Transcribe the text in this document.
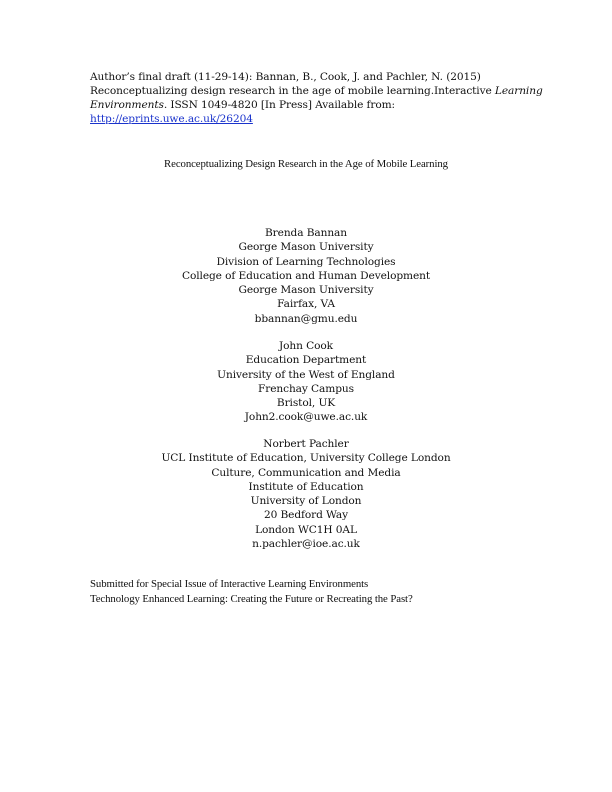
Author’s final draft (11-29-14): Bannan, B., Cook, J. and Pachler, N. (2015)
Reconceptualizing design research in the age of mobile learning.Interactive Learning
Environments. ISSN 1049-4820 [In Press] Available from:
http://eprints.uwe.ac.uk/26204
Reconceptualizing Design Research in the Age of Mobile Learning
Brenda Bannan
George Mason University
Division of Learning Technologies
College of Education and Human Development
George Mason University
Fairfax, VA
bbannan@gmu.edu
John Cook
Education Department
University of the West of England
Frenchay Campus
Bristol, UK
John2.cook@uwe.ac.uk
Norbert Pachler
UCL Institute of Education, University College London
Culture, Communication and Media
Institute of Education
University of London
20 Bedford Way
London WC1H 0AL
n.pachler@ioe.ac.uk
Submitted for Special Issue of Interactive Learning Environments
Technology Enhanced Learning: Creating the Future or Recreating the Past?
